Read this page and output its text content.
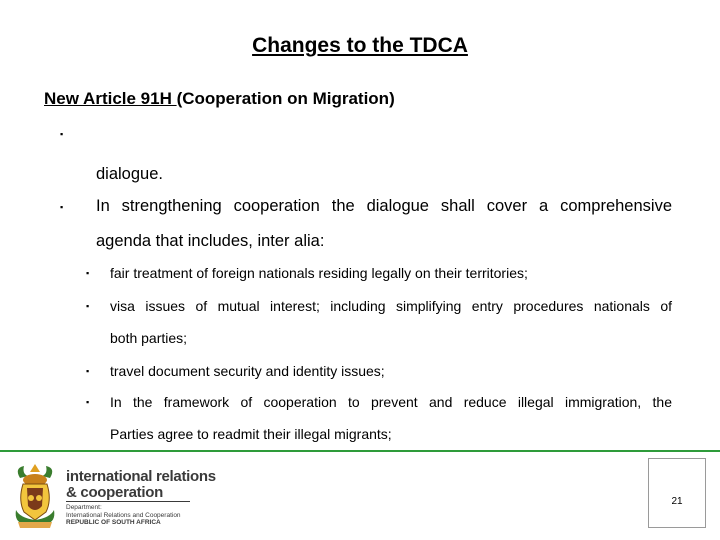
Changes to the TDCA
New Article 91H (Cooperation on Migration)
▪
dialogue.
▪ In strengthening cooperation the dialogue shall cover a comprehensive
agenda that includes, inter alia:
▪ fair treatment of foreign nationals residing legally on their territories;
▪ visa issues of mutual interest; including simplifying entry procedures nationals of
both parties;
▪ travel document security and identity issues;
▪ In the framework of cooperation to prevent and reduce illegal immigration, the
Parties agree to readmit their illegal migrants;
international relations
& cooperation
Department:
International Relations and Cooperation
REPUBLIC OF SOUTH AFRICA
21
